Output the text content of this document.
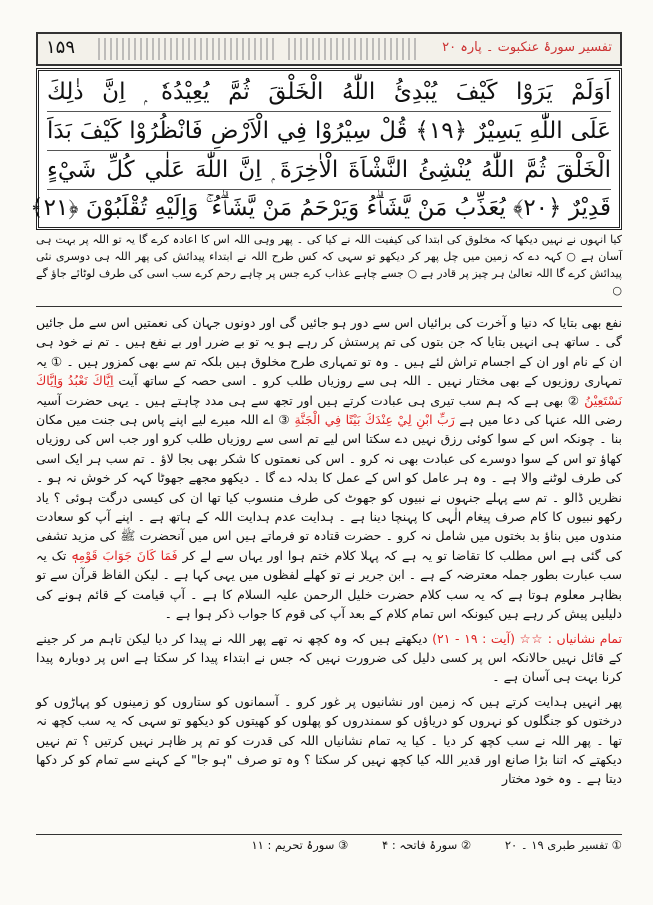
۱۵۹	تفسیر سورۂ عنکبوت ۔ پارہ ۲۰
اَوَلَمْ يَرَوْا كَيْفَ يُبْدِئُ اللّٰهُ الْخَلْقَ ثُمَّ يُعِيْدُهٗ ۭ اِنَّ ذٰلِكَ
عَلَى اللّٰهِ يَسِيْرٌ ﴿۱۹﴾ قُلْ سِيْرُوْا فِي الْاَرْضِ فَانْظُرُوْا كَيْفَ بَدَاَ
الْخَلْقَ ثُمَّ اللّٰهُ يُنْشِئُ النَّشْاَةَ الْاٰخِرَةَ ۭ اِنَّ اللّٰهَ عَلٰي كُلِّ شَيْءٍ
قَدِيْرٌ ﴿۲۰﴾ يُعَذِّبُ مَنْ يَّشَاۗءُ وَيَرْحَمُ مَنْ يَّشَاۗءُ ۚ وَاِلَيْهِ تُقْلَبُوْنَ ﴿۲۱﴾
کیا انہوں نے نہیں دیکھا کہ مخلوق کی ابتدا کی کیفیت اللہ نے کیا کی ۔ پھر وہی اللہ اس کا اعادہ کرے گا یہ تو اللہ پر بہت ہی آسان ہے ○ کہہ دے کہ زمین میں چل پھر کر دیکھو تو سہی کہ کس طرح اللہ نے ابتداء پیدائش کی پھر اللہ ہی دوسری نئی پیدائش کرے گا اللہ تعالیٰ ہر چیز پر قادر ہے ○ جسے چاہے عذاب کرے جس پر چاہے رحم کرے سب اسی کی طرف لوٹائے جاؤ گے ○

نفع بھی بتایا کہ دنیا و آخرت کی برائیاں اس سے دور ہو جائیں گی اور دونوں جہان کی نعمتیں اس سے مل جائیں گی ۔ ساتھ ہی انہیں بتایا کہ جن بتوں کی تم پرستش کر رہے ہو یہ تو بے ضرر اور بے نفع ہیں ۔ تم نے خود ہی ان کے نام اور ان کے اجسام تراش لئے ہیں ۔ وہ تو تمہاری طرح مخلوق ہیں بلکہ تم سے بھی کمزور ہیں ۔ ① یہ تمہاری روزیوں کے بھی مختار نہیں ۔ اللہ ہی سے روزیاں طلب کرو ۔ اسی حصہ کے ساتھ آیت اِيَّاكَ نَعْبُدُ وَاِيَّاكَ نَسْتَعِيْنُ ② بھی ہے کہ ہم سب تیری ہی عبادت کرتے ہیں اور تجھ سے ہی مدد چاہتے ہیں ۔ یہی حضرت آسیہ رضی اللہ عنہا کی دعا میں ہے رَبِّ ابْنِ لِيْ عِنْدَكَ بَيْتًا فِي الْجَنَّةِ ③ اے اللہ میرے لیے اپنے پاس ہی جنت میں مکان بنا ۔ چونکہ اس کے سوا کوئی رزق نہیں دے سکتا اس لیے تم اسی سے روزیاں طلب کرو اور جب اس کی روزیاں کھاؤ تو اس کے سوا دوسرے کی عبادت بھی نہ کرو ۔ اس کی نعمتوں کا شکر بھی بجا لاؤ ۔ تم سب ہر ایک اسی کی طرف لوٹنے والا ہے ۔ وہ ہر عامل کو اس کے عمل کا بدلہ دے گا ۔ دیکھو مجھے جھوٹا کہہ کر خوش نہ ہو ۔ نظریں ڈالو ۔ تم سے پہلے جنہوں نے نبیوں کو جھوٹ کی طرف منسوب کیا تھا ان کی کیسی درگت ہوئی ؟ یاد رکھو نبیوں کا کام صرف پیغام الٰہی کا پہنچا دینا ہے ۔ ہدایت عدم ہدایت اللہ کے ہاتھ ہے ۔ اپنے آپ کو سعادت مندوں میں بناؤ بد بختوں میں شامل نہ کرو ۔ حضرت قتادہ تو فرماتے ہیں اس میں آنحضرت ﷺ کی مزید تشفی کی گئی ہے اس مطلب کا تقاضا تو یہ ہے کہ پہلا کلام ختم ہوا اور یہاں سے لے کر فَمَا كَانَ جَوَابَ قَوْمِهٖ تک یہ سب عبارت بطور جملہ معترضہ کے ہے ۔ ابن جریر نے تو کھلے لفظوں میں یہی کہا ہے ۔ لیکن الفاظ قرآن سے تو بظاہر معلوم ہوتا ہے کہ یہ سب کلام حضرت خلیل الرحمن علیہ السلام کا ہے ۔ آپ قیامت کے قائم ہونے کی دلیلیں پیش کر رہے ہیں کیونکہ اس تمام کلام کے بعد آپ کی قوم کا جواب ذکر ہوا ہے ۔

تمام نشانیاں : ☆☆ (آیت : ۱۹ - ۲۱) دیکھتے ہیں کہ وہ کچھ نہ تھے پھر اللہ نے پیدا کر دیا لیکن تاہم مر کر جینے کے قائل نہیں حالانکہ اس پر کسی دلیل کی ضرورت نہیں کہ جس نے ابتداء پیدا کر سکتا ہے اس پر دوبارہ پیدا کرنا بہت ہی آسان ہے ۔

پھر انہیں ہدایت کرتے ہیں کہ زمین اور نشانیوں پر غور کرو ۔ آسمانوں کو ستاروں کو زمینوں کو پہاڑوں کو درختوں کو جنگلوں کو نہروں کو دریاؤں کو سمندروں کو پھلوں کو کھیتوں کو دیکھو تو سہی کہ یہ سب کچھ نہ تھا ۔ پھر اللہ نے سب کچھ کر دیا ۔ کیا یہ تمام نشانیاں اللہ کی قدرت کو تم پر ظاہر نہیں کرتیں ؟ تم نہیں دیکھتے کہ اتنا بڑا صانع اور قدیر اللہ کیا کچھ نہیں کر سکتا ؟ وہ تو صرف "ہو جا" کے کہنے سے تمام کو کر دکھا دیتا ہے ۔ وہ خود مختار

① تفسیر طبری ۱۹ ۔ ۲۰ ② سورۂ فاتحہ : ۴ ③ سورۂ تحریم : ۱۱
